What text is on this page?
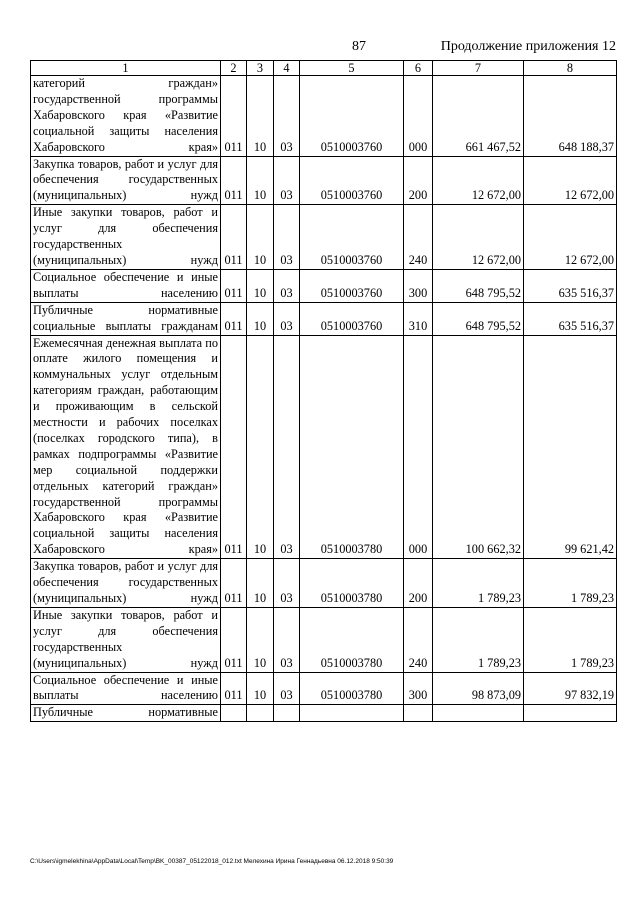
87	Продолжение приложения 12
1	2	3	4	5	6	7	8
категорий граждан» государственной программы Хабаровского края «Развитие социальной защиты населения Хабаровского края»	011	10	03	0510003760	000	661 467,52	648 188,37
Закупка товаров, работ и услуг для обеспечения государственных (муниципальных) нужд	011	10	03	0510003760	200	12 672,00	12 672,00
Иные закупки товаров, работ и услуг для обеспечения государственных (муниципальных) нужд	011	10	03	0510003760	240	12 672,00	12 672,00
Социальное обеспечение и иные выплаты населению	011	10	03	0510003760	300	648 795,52	635 516,37
Публичные нормативные социальные выплаты гражданам	011	10	03	0510003760	310	648 795,52	635 516,37
Ежемесячная денежная выплата по оплате жилого помещения и коммунальных услуг отдельным категориям граждан, работающим и проживающим в сельской местности и рабочих поселках (поселках городского типа), в рамках подпрограммы «Развитие мер социальной поддержки отдельных категорий граждан» государственной программы Хабаровского края «Развитие социальной защиты населения Хабаровского края»	011	10	03	0510003780	000	100 662,32	99 621,42
Закупка товаров, работ и услуг для обеспечения государственных (муниципальных) нужд	011	10	03	0510003780	200	1 789,23	1 789,23
Иные закупки товаров, работ и услуг для обеспечения государственных (муниципальных) нужд	011	10	03	0510003780	240	1 789,23	1 789,23
Социальное обеспечение и иные выплаты населению	011	10	03	0510003780	300	98 873,09	97 832,19
Публичные нормативные							
C:\Users\igmelekhina\AppData\Local\Temp\BK_00387_05122018_012.txt Мелехина Ирина Геннадьевна 06.12.2018 9:50:39
